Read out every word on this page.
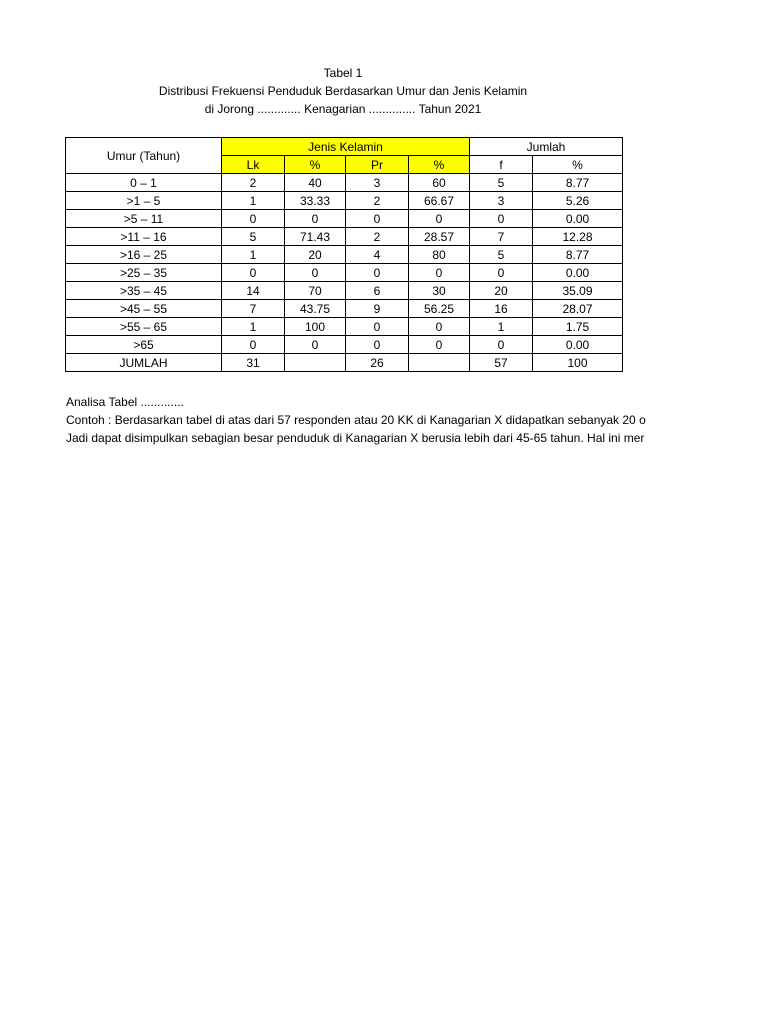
Tabel 1
Distribusi Frekuensi Penduduk Berdasarkan Umur dan Jenis Kelamin
di Jorong ............. Kenagarian .............. Tahun 2021
Umur (Tahun)	Jenis Kelamin				Jumlah	
	Lk	%	Pr	%	f	%
0 – 1	2	40	3	60	5	8.77
>1 – 5	1	33.33	2	66.67	3	5.26
>5 – 11	0	0	0	0	0	0.00
>11 – 16	5	71.43	2	28.57	7	12.28
>16 – 25	1	20	4	80	5	8.77
>25 – 35	0	0	0	0	0	0.00
>35 – 45	14	70	6	30	20	35.09
>45 – 55	7	43.75	9	56.25	16	28.07
>55 – 65	1	100	0	0	1	1.75
>65	0	0	0	0	0	0.00
JUMLAH	31		26		57	100
Analisa Tabel .............
Contoh : Berdasarkan tabel di atas dari 57 responden atau 20 KK di Kanagarian X didapatkan sebanyak 20 o
Jadi dapat disimpulkan sebagian besar penduduk di Kanagarian X berusia lebih dari 45-65 tahun. Hal ini mer
